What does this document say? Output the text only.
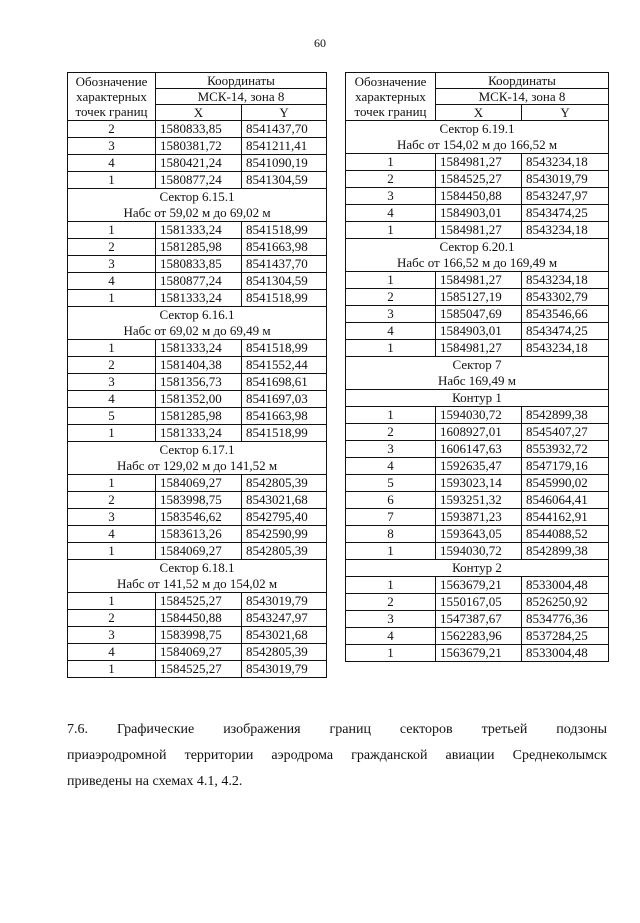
60
Обозначение
характерных
точек границ	Координаты	
	МСК-14, зона 8	
	X	Y
2	1580833,85	8541437,70
3	1580381,72	8541211,41
4	1580421,24	8541090,19
1	1580877,24	8541304,59
Сектор 6.15.1		
Набс от 59,02 м до 69,02 м		
1	1581333,24	8541518,99
2	1581285,98	8541663,98
3	1580833,85	8541437,70
4	1580877,24	8541304,59
1	1581333,24	8541518,99
Сектор 6.16.1		
Набс от 69,02 м до 69,49 м		
1	1581333,24	8541518,99
2	1581404,38	8541552,44
3	1581356,73	8541698,61
4	1581352,00	8541697,03
5	1581285,98	8541663,98
1	1581333,24	8541518,99
Сектор 6.17.1		
Набс от 129,02 м до 141,52 м		
1	1584069,27	8542805,39
2	1583998,75	8543021,68
3	1583546,62	8542795,40
4	1583613,26	8542590,99
1	1584069,27	8542805,39
Сектор 6.18.1		
Набс от 141,52 м до 154,02 м		
1	1584525,27	8543019,79
2	1584450,88	8543247,97
3	1583998,75	8543021,68
4	1584069,27	8542805,39
1	1584525,27	8543019,79
Обозначение
характерных
точек границ	Координаты	
	МСК-14, зона 8	
	X	Y
Сектор 6.19.1		
Набс от 154,02 м до 166,52 м		
1	1584981,27	8543234,18
2	1584525,27	8543019,79
3	1584450,88	8543247,97
4	1584903,01	8543474,25
1	1584981,27	8543234,18
Сектор 6.20.1		
Набс от 166,52 м до 169,49 м		
1	1584981,27	8543234,18
2	1585127,19	8543302,79
3	1585047,69	8543546,66
4	1584903,01	8543474,25
1	1584981,27	8543234,18
Сектор 7		
Набс 169,49 м		
Контур 1		
1	1594030,72	8542899,38
2	1608927,01	8545407,27
3	1606147,63	8553932,72
4	1592635,47	8547179,16
5	1593023,14	8545990,02
6	1593251,32	8546064,41
7	1593871,23	8544162,91
8	1593643,05	8544088,52
1	1594030,72	8542899,38
Контур 2		
1	1563679,21	8533004,48
2	1550167,05	8526250,92
3	1547387,67	8534776,36
4	1562283,96	8537284,25
1	1563679,21	8533004,48
7.6. Графические изображения границ секторов третьей подзоны
приаэродромной территории аэродрома гражданской авиации Среднеколымск
приведены на схемах 4.1, 4.2.
